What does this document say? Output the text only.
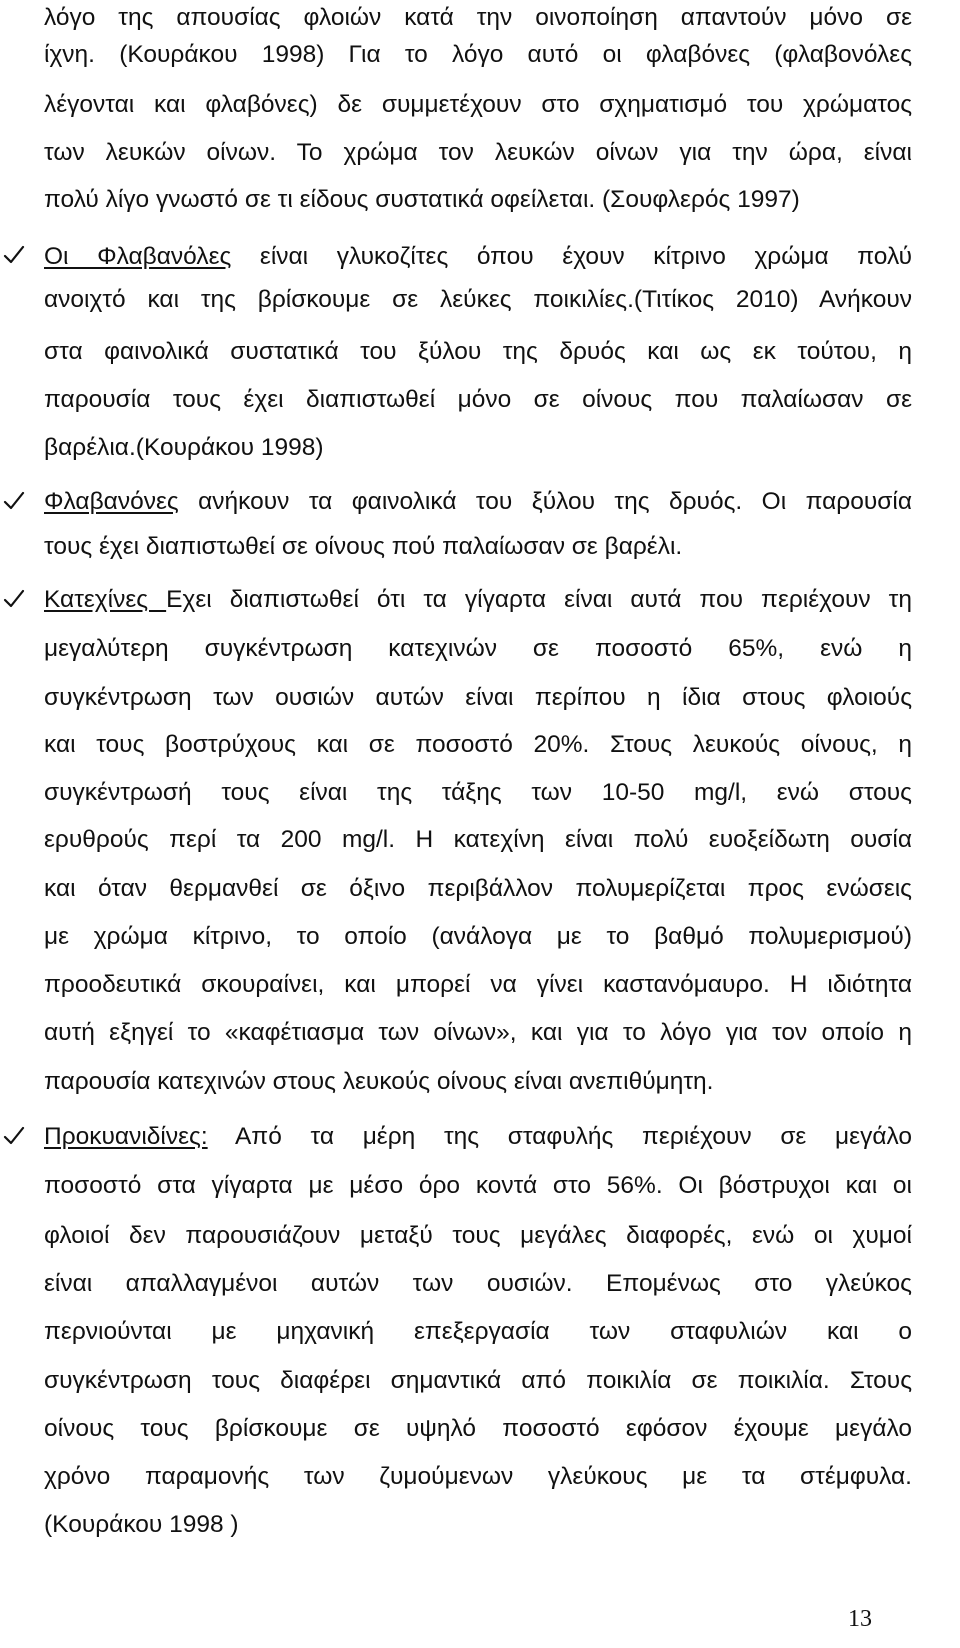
λόγο της απουσίας φλοιών κατά την οινοποίηση απαντούν μόνο σε
ίχνη. (Κουράκου 1998) Για το λόγο αυτό οι φλαβόνες (φλαβονόλες
λέγονται και φλαβόνες) δε συμμετέχουν στο σχηματισμό του χρώματος
των λευκών οίνων. Το χρώμα τον λευκών οίνων για την ώρα, είναι
πολύ λίγο γνωστό σε τι είδους συστατικά οφείλεται. (Σουφλερός 1997)
Οι Φλαβανόλες είναι γλυκοζίτες όπου έχουν κίτρινο χρώμα πολύ
ανοιχτό και της βρίσκουμε σε λεύκες ποικιλίες.(Τιτίκος 2010) Ανήκουν
στα φαινολικά συστατικά του ξύλου της δρυός και ως εκ τούτου, η
παρουσία τους έχει διαπιστωθεί μόνο σε οίνους που παλαίωσαν σε
βαρέλια.(Κουράκου 1998)
Φλαβανόνες ανήκουν τα φαινολικά του ξύλου της δρυός. Οι παρουσία
τους έχει διαπιστωθεί σε οίνους πού παλαίωσαν σε βαρέλι.
Κατεχίνες Εχει διαπιστωθεί ότι τα γίγαρτα είναι αυτά που περιέχουν τη
μεγαλύτερη συγκέντρωση κατεχινών σε ποσοστό 65%, ενώ η
συγκέντρωση των ουσιών αυτών είναι περίπου η ίδια στους φλοιούς
και τους βοστρύχους και σε ποσοστό 20%. Στους λευκούς οίνους, η
συγκέντρωσή τους είναι της τάξης των 10-50 mg/l, ενώ στους
ερυθρούς περί τα 200 mg/l. Η κατεχίνη είναι πολύ ευοξείδωτη ουσία
και όταν θερμανθεί σε όξινο περιβάλλον πολυμερίζεται προς ενώσεις
με χρώμα κίτρινο, το οποίο (ανάλογα με το βαθμό πολυμερισμού)
προοδευτικά σκουραίνει, και μπορεί να γίνει καστανόμαυρο. Η ιδιότητα
αυτή εξηγεί το «καφέτιασμα των οίνων», και για το λόγο για τον οποίο η
παρουσία κατεχινών στους λευκούς οίνους είναι ανεπιθύμητη.
Προκυανιδίνες: Από τα μέρη της σταφυλής περιέχουν σε μεγάλο
ποσοστό στα γίγαρτα με μέσο όρο κοντά στο 56%. Οι βόστρυχοι και οι
φλοιοί δεν παρουσιάζουν μεταξύ τους μεγάλες διαφορές, ενώ οι χυμοί
είναι απαλλαγμένοι αυτών των ουσιών. Επομένως στο γλεύκος
περνιούνται με μηχανική επεξεργασία των σταφυλιών και ο
συγκέντρωση τους διαφέρει σημαντικά από ποικιλία σε ποικιλία. Στους
οίνους τους βρίσκουμε σε υψηλό ποσοστό εφόσον έχουμε μεγάλο
χρόνο παραμονής των ζυμούμενων γλεύκους με τα στέμφυλα.
(Κουράκου 1998 )
13
